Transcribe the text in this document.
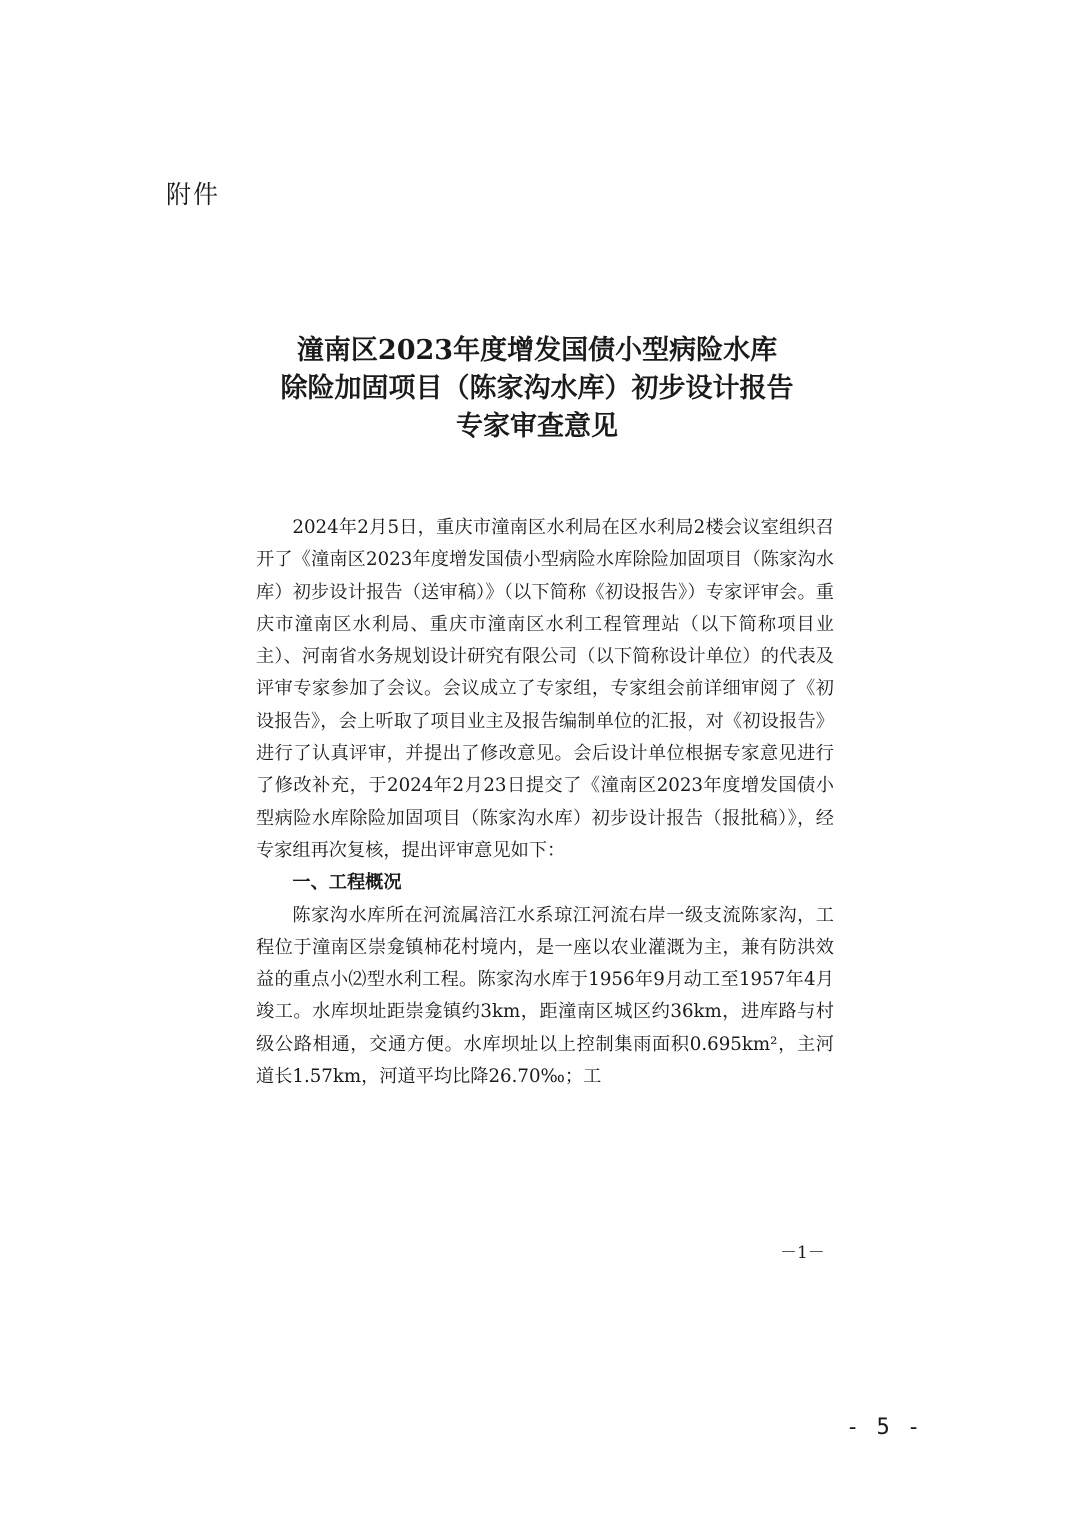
附件
潼南区2023年度增发国债小型病险水库
除险加固项目（陈家沟水库）初步设计报告
专家审查意见

2024年2月5日，重庆市潼南区水利局在区水利局2楼会议室组织召开了《潼南区2023年度增发国债小型病险水库除险加固项目（陈家沟水库）初步设计报告（送审稿）》（以下简称《初设报告》）专家评审会。重庆市潼南区水利局、重庆市潼南区水利工程管理站（以下简称项目业主）、河南省水务规划设计研究有限公司（以下简称设计单位）的代表及评审专家参加了会议。会议成立了专家组，专家组会前详细审阅了《初设报告》，会上听取了项目业主及报告编制单位的汇报，对《初设报告》进行了认真评审，并提出了修改意见。会后设计单位根据专家意见进行了修改补充，于2024年2月23日提交了《潼南区2023年度增发国债小型病险水库除险加固项目（陈家沟水库）初步设计报告（报批稿）》，经专家组再次复核，提出评审意见如下：

一、工程概况

陈家沟水库所在河流属涪江水系琼江河流右岸一级支流陈家沟，工程位于潼南区崇龛镇柿花村境内，是一座以农业灌溉为主，兼有防洪效益的重点小⑵型水利工程。陈家沟水库于1956年9月动工至1957年4月竣工。水库坝址距崇龛镇约3km，距潼南区城区约36km，进库路与村级公路相通，交通方便。水库坝址以上控制集雨面积0.695km²，主河道长1.57km，河道平均比降26.70‰；工

－1－
- 5 -
